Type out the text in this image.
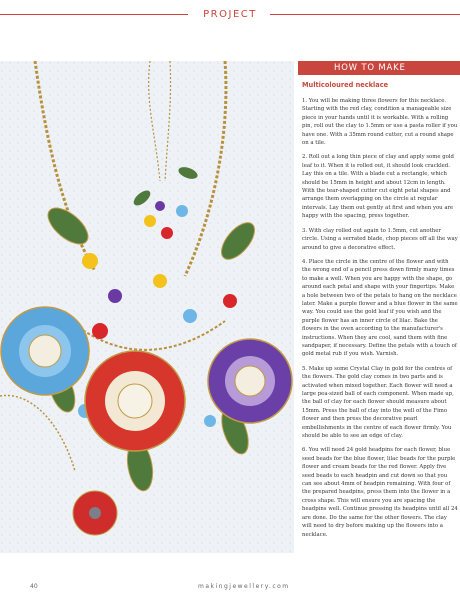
PROJECT
HOW TO MAKE
Multicoloured necklace

1. You will be making three flowers for this necklace. Starting with the red clay, condition a manageable size piece in your hands until it is workable. With a rolling pin, roll out the clay to 1.5mm or use a pasta roller if you have one. With a 35mm round cutter, cut a round shape on a tile.

2. Roll out a long thin piece of clay and apply some gold leaf to it. When it is rolled out, it should look crackled. Lay this on a tile. With a blade cut a rectangle, which should be 15mm in height and about 12cm in length. With the tear-shaped cutter cut eight petal shapes and arrange them overlapping on the circle at regular intervals. Lay them out gently at first and when you are happy with the spacing, press together.

3. With clay rolled out again to 1.5mm, cut another circle. Using a serrated blade, chop pieces off all the way around to give a decorative effect.

4. Place the circle in the centre of the flower and with the wrong end of a pencil press down firmly many times to make a well. When you are happy with the shape, go around each petal and shape with your fingertips. Make a hole between two of the petals to hang on the necklace later. Make a purple flower and a blue flower in the same way. You could use the gold leaf if you wish and the purple flower has an inner circle of lilac. Bake the flowers in the oven according to the manufacturer's instructions. When they are cool, sand them with fine sandpaper, if necessary. Define the petals with a touch of gold metal rub if you wish. Varnish.

5. Make up some Crystal Clay in gold for the centres of the flowers. The gold clay comes in two parts and is activated when mixed together. Each flower will need a large pea-sized ball of each component. When made up, the ball of clay for each flower should measure about 15mm. Press the ball of clay into the well of the Fimo flower and then press the decorative pearl embellishments in the centre of each flower firmly. You should be able to see an edge of clay.

6. You will need 24 gold headpins for each flower, blue seed beads for the blue flower, lilac beads for the purple flower and cream beads for the red flower. Apply five seed beads to each headpin and cut down so that you can see about 4mm of headpin remaining. With four of the prepared headpins, press them into the flower in a cross shape. This will ensure you are spacing the headpins well. Continue pressing its headpins until all 24 are done. Do the same for the other flowers. The clay will need to dry before making up the flowers into a necklace.

40	makingjewellery.com
